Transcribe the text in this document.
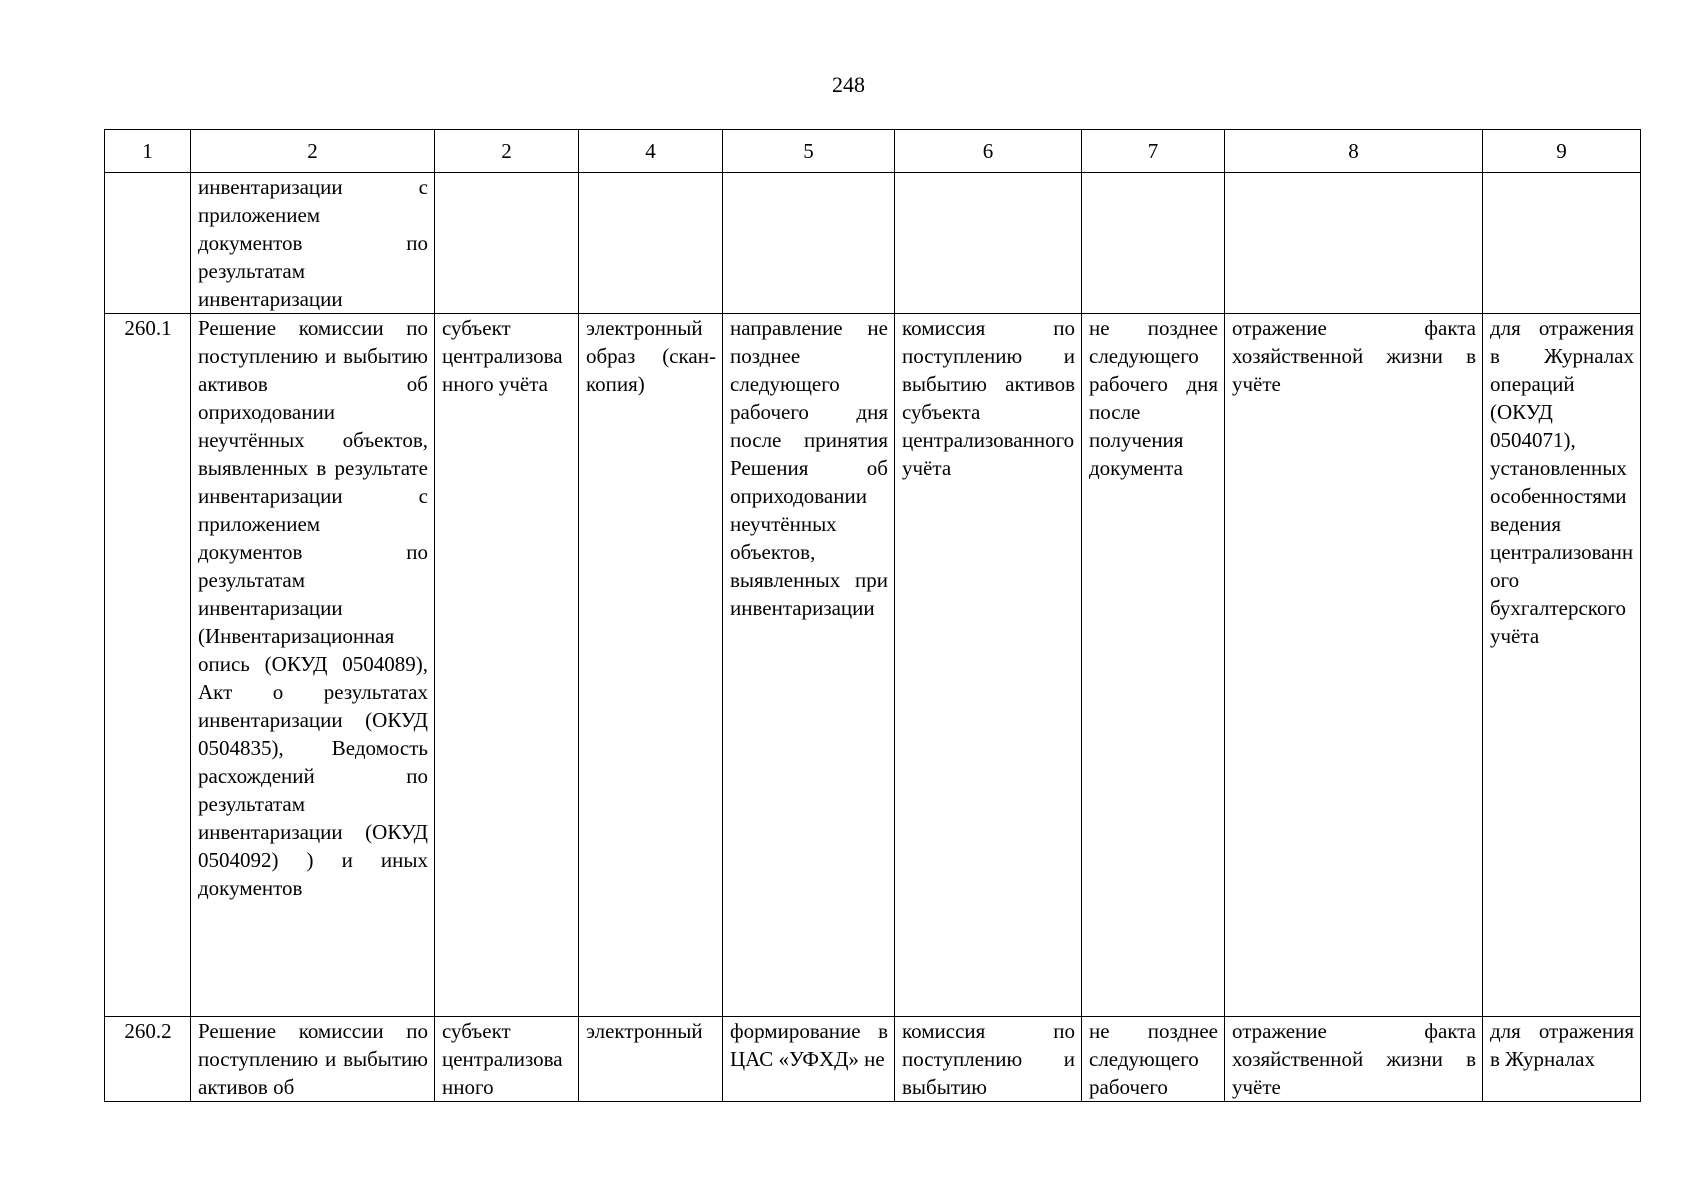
248
1	2	2	4	5	6	7	8	9
	инвентаризации с приложением документов по результатам инвентаризации							
260.1	Решение комиссии по поступлению и выбытию активов об оприходовании неучтённых объектов, выявленных в результате инвентаризации с приложением документов по результатам инвентаризации (Инвентаризационная опись (ОКУД 0504089), Акт о результатах инвентаризации (ОКУД 0504835), Ведомость расхождений по результатам инвентаризации (ОКУД 0504092) ) и иных документов	субъект централизованного учёта	электронный образ (скан-копия)	направление не позднее следующего рабочего дня после принятия Решения об оприходовании неучтённых объектов, выявленных при инвентаризации	комиссия по поступлению и выбытию активов субъекта централизованного учёта	не позднее следующего рабочего дня после получения документа	отражение факта хозяйственной жизни в учёте	для отражения в Журналах операций (ОКУД 0504071), установленных особенностями ведения централизованного бухгалтерского учёта
260.2	Решение комиссии по поступлению и выбытию активов об	субъект централизованного	электронный	формирование в ЦАС «УФХД» не	комиссия по поступлению и выбытию	не позднее следующего рабочего	отражение факта хозяйственной жизни в учёте	для отражения в Журналах
